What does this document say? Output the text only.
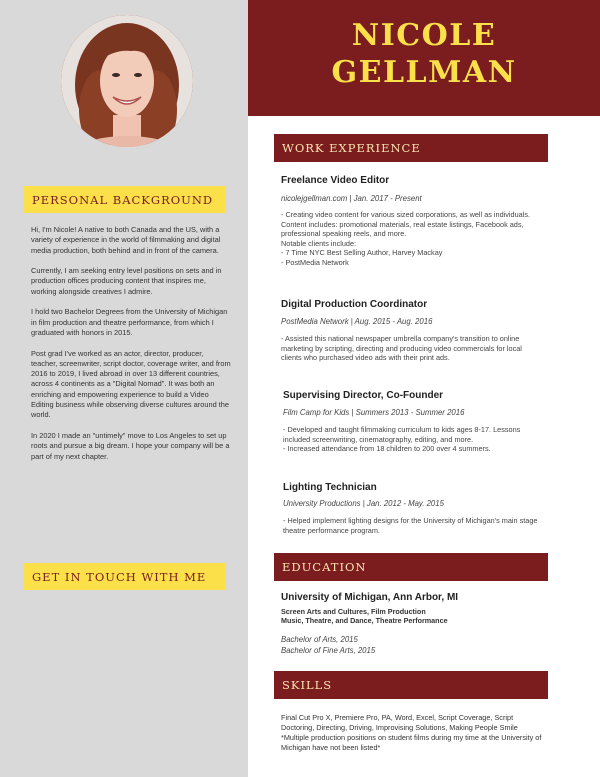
PERSONAL BACKGROUND

Hi, I'm Nicole! A native to both Canada and the US, with a variety of experience in the world of filmmaking and digital media production, both behind and in front of the camera.

Currently, I am seeking entry level positions on sets and in production offices producing content that inspires me, working alongside creatives I admire.

I hold two Bachelor Degrees from the University of Michigan in film production and theatre performance, from which I graduated with honors in 2015.

Post grad I've worked as an actor, director, producer, teacher, screenwriter, script doctor, coverage writer, and from 2016 to 2019, I lived abroad in over 13 different countries, across 4 continents as a "Digital Nomad". It was both an enriching and empowering experience to build a Video Editing business while observing diverse cultures around the world.

In 2020 I made an "untimely" move to Los Angeles to set up roots and pursue a big dream. I hope your company will be a part of my next chapter.

GET IN TOUCH WITH ME
NICOLE
GELLMAN
WORK EXPERIENCE
Freelance Video Editor
nicolejgellman.com | Jan. 2017 - Present
- Creating video content for various sized corporations, as well as individuals. Content includes: promotional materials, real estate listings, Facebook ads, professional speaking reels, and more.
Notable clients include:
- 7 Time NYC Best Selling Author, Harvey Mackay
- PostMedia Network
Digital Production Coordinator
PostMedia Network | Aug. 2015 - Aug. 2016
- Assisted this national newspaper umbrella company's transition to online marketing by scripting, directing and producing video commercials for local clients who purchased video ads with their print ads.
Supervising Director, Co-Founder
Film Camp for Kids | Summers 2013 - Summer 2016
- Developed and taught filmmaking curriculum to kids ages 8-17. Lessons included screenwriting, cinematography, editing, and more.
- Increased attendance from 18 children to 200 over 4 summers.
Lighting Technician
University Productions | Jan. 2012 - May. 2015
- Helped implement lighting designs for the University of Michigan's main stage theatre performance program.
EDUCATION
University of Michigan, Ann Arbor, MI
Screen Arts and Cultures, Film Production
Music, Theatre, and Dance, Theatre Performance
Bachelor of Arts, 2015
Bachelor of Fine Arts, 2015
SKILLS
Final Cut Pro X, Premiere Pro, PA, Word, Excel, Script Coverage, Script Doctoring, Directing, Driving, Improvising Solutions, Making People Smile
*Multiple production positions on student films during my time at the University of Michigan have not been listed*
